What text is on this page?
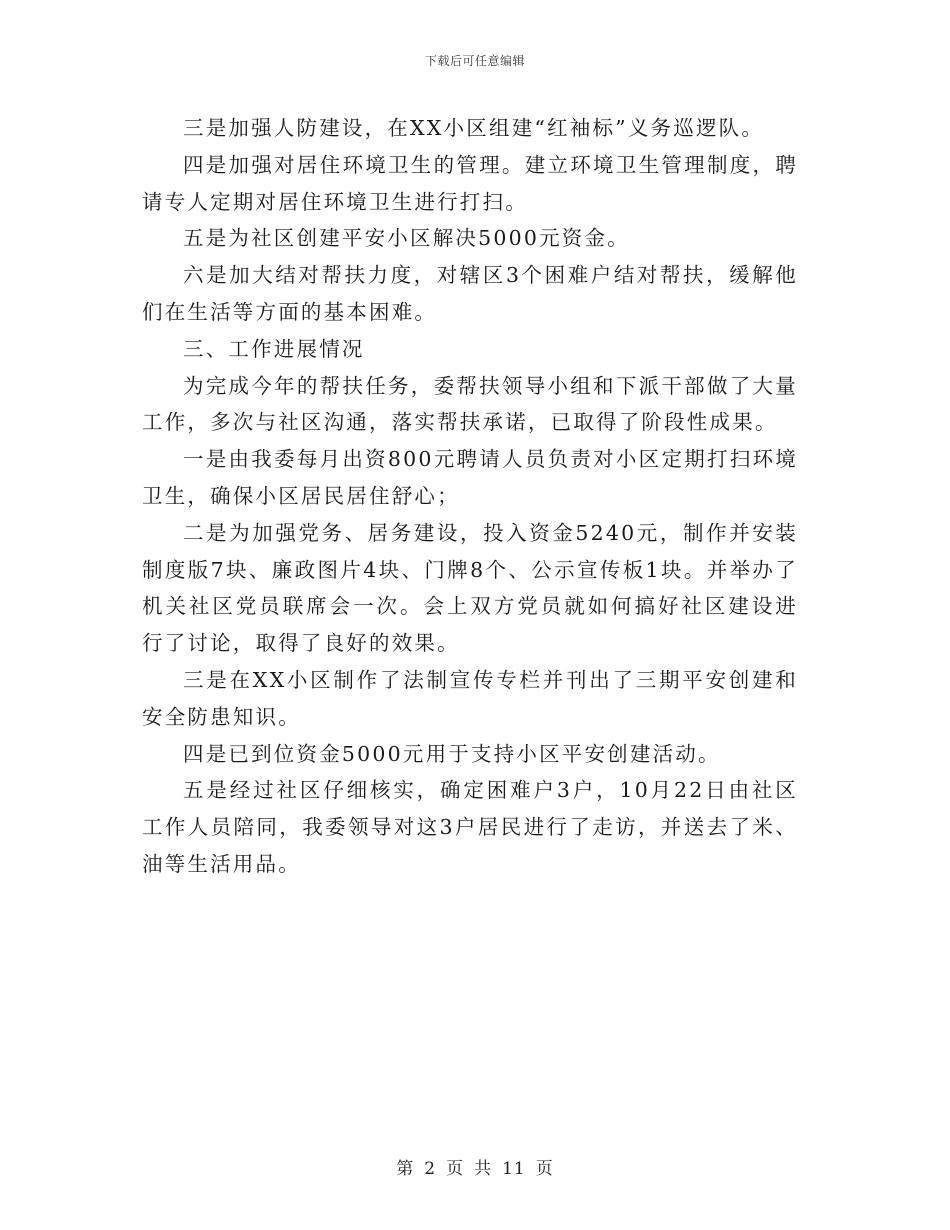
下载后可任意编辑

三是加强人防建设，在XX小区组建“红袖标”义务巡逻队。

四是加强对居住环境卫生的管理。建立环境卫生管理制度，聘请专人定期对居住环境卫生进行打扫。

五是为社区创建平安小区解决5000元资金。

六是加大结对帮扶力度，对辖区3个困难户结对帮扶，缓解他们在生活等方面的基本困难。

三、工作进展情况

为完成今年的帮扶任务，委帮扶领导小组和下派干部做了大量工作，多次与社区沟通，落实帮扶承诺，已取得了阶段性成果。

一是由我委每月出资800元聘请人员负责对小区定期打扫环境卫生，确保小区居民居住舒心；

二是为加强党务、居务建设，投入资金5240元，制作并安装制度版7块、廉政图片4块、门牌8个、公示宣传板1块。并举办了机关社区党员联席会一次。会上双方党员就如何搞好社区建设进行了讨论，取得了良好的效果。

三是在XX小区制作了法制宣传专栏并刊出了三期平安创建和安全防患知识。

四是已到位资金5000元用于支持小区平安创建活动。

五是经过社区仔细核实，确定困难户3户，10月22日由社区工作人员陪同，我委领导对这3户居民进行了走访，并送去了米、油等生活用品。

第 2 页 共 11 页
